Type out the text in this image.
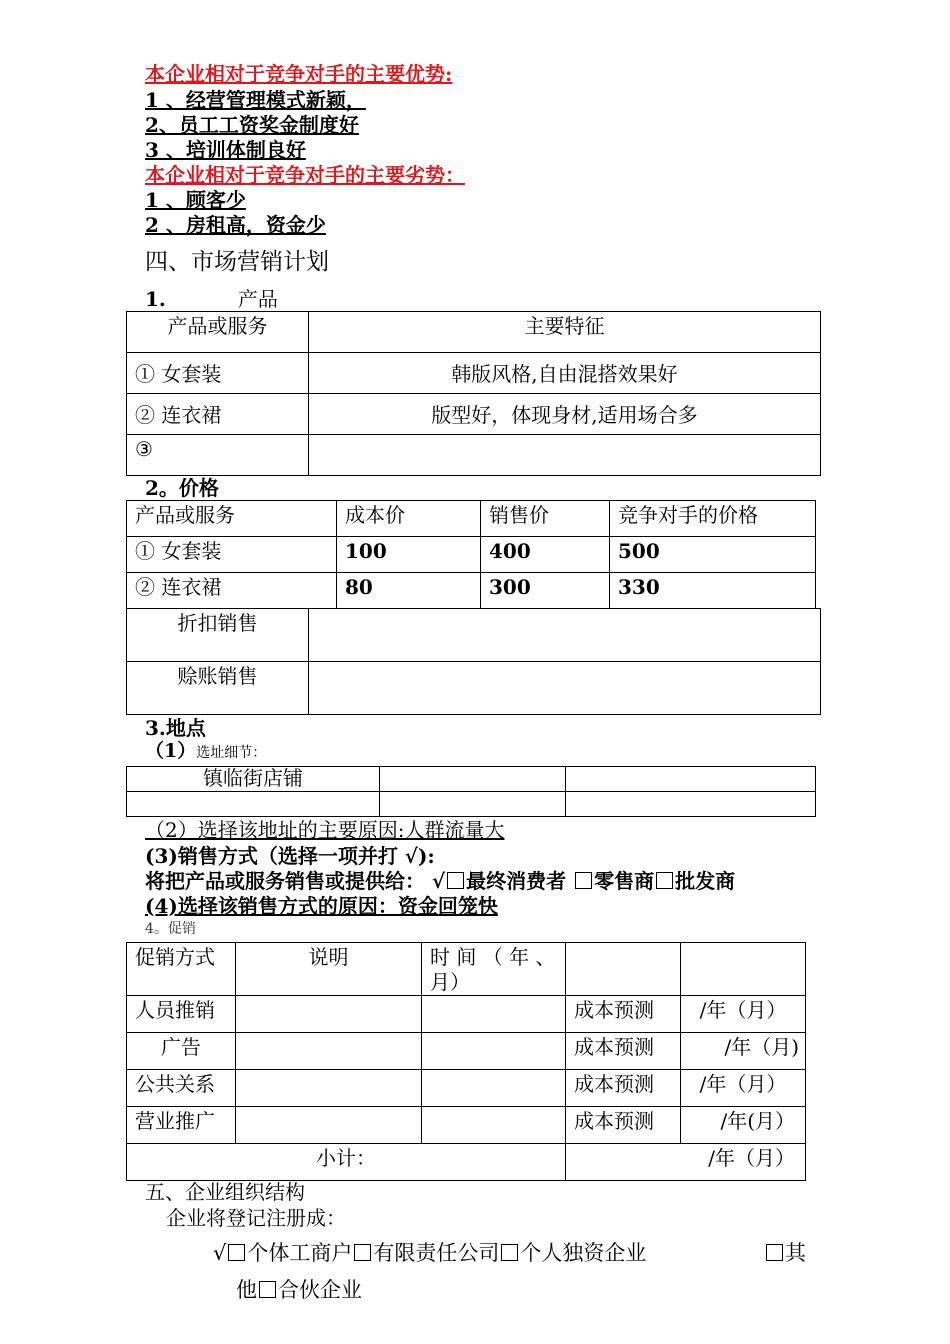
本企业相对于竞争对手的主要优势:
1 、经营管理模式新颖，
2、员工工资奖金制度好
3 、培训体制良好
本企业相对于竞争对手的主要劣势：
1 、顾客少
2 、房租高，资金少
四、市场营销计划
1.	产品
产品或服务	主要特征
① 女套装	韩版风格,自由混搭效果好
② 连衣裙	版型好，体现身材,适用场合多
③	
2。价格
产品或服务	成本价	销售价	竞争对手的价格
① 女套装	100	400	500
② 连衣裙	80	300	330
折扣销售	
赊账销售	
3.地点
（1）选址细节：
镇临街店铺		

（2）选择该地址的主要原因:人群流量大
(3)销售方式（选择一项并打 √):
将把产品或服务销售或提供给： √ 最终消费者 零售商 批发商
(4)选择该销售方式的原因：资金回笼快
4。促销
促销方式	说明	时 间 （ 年 、
月）		
人员推销			成本预测	/年（月）
广告			成本预测	/年（月)
公共关系			成本预测	/年（月）
营业推广			成本预测	/年(月）
小计：			/年（月）	
五、企业组织结构
企业将登记注册成：
√ 个体工商户 有限责任公司 个人独资企业	其
他 合伙企业
